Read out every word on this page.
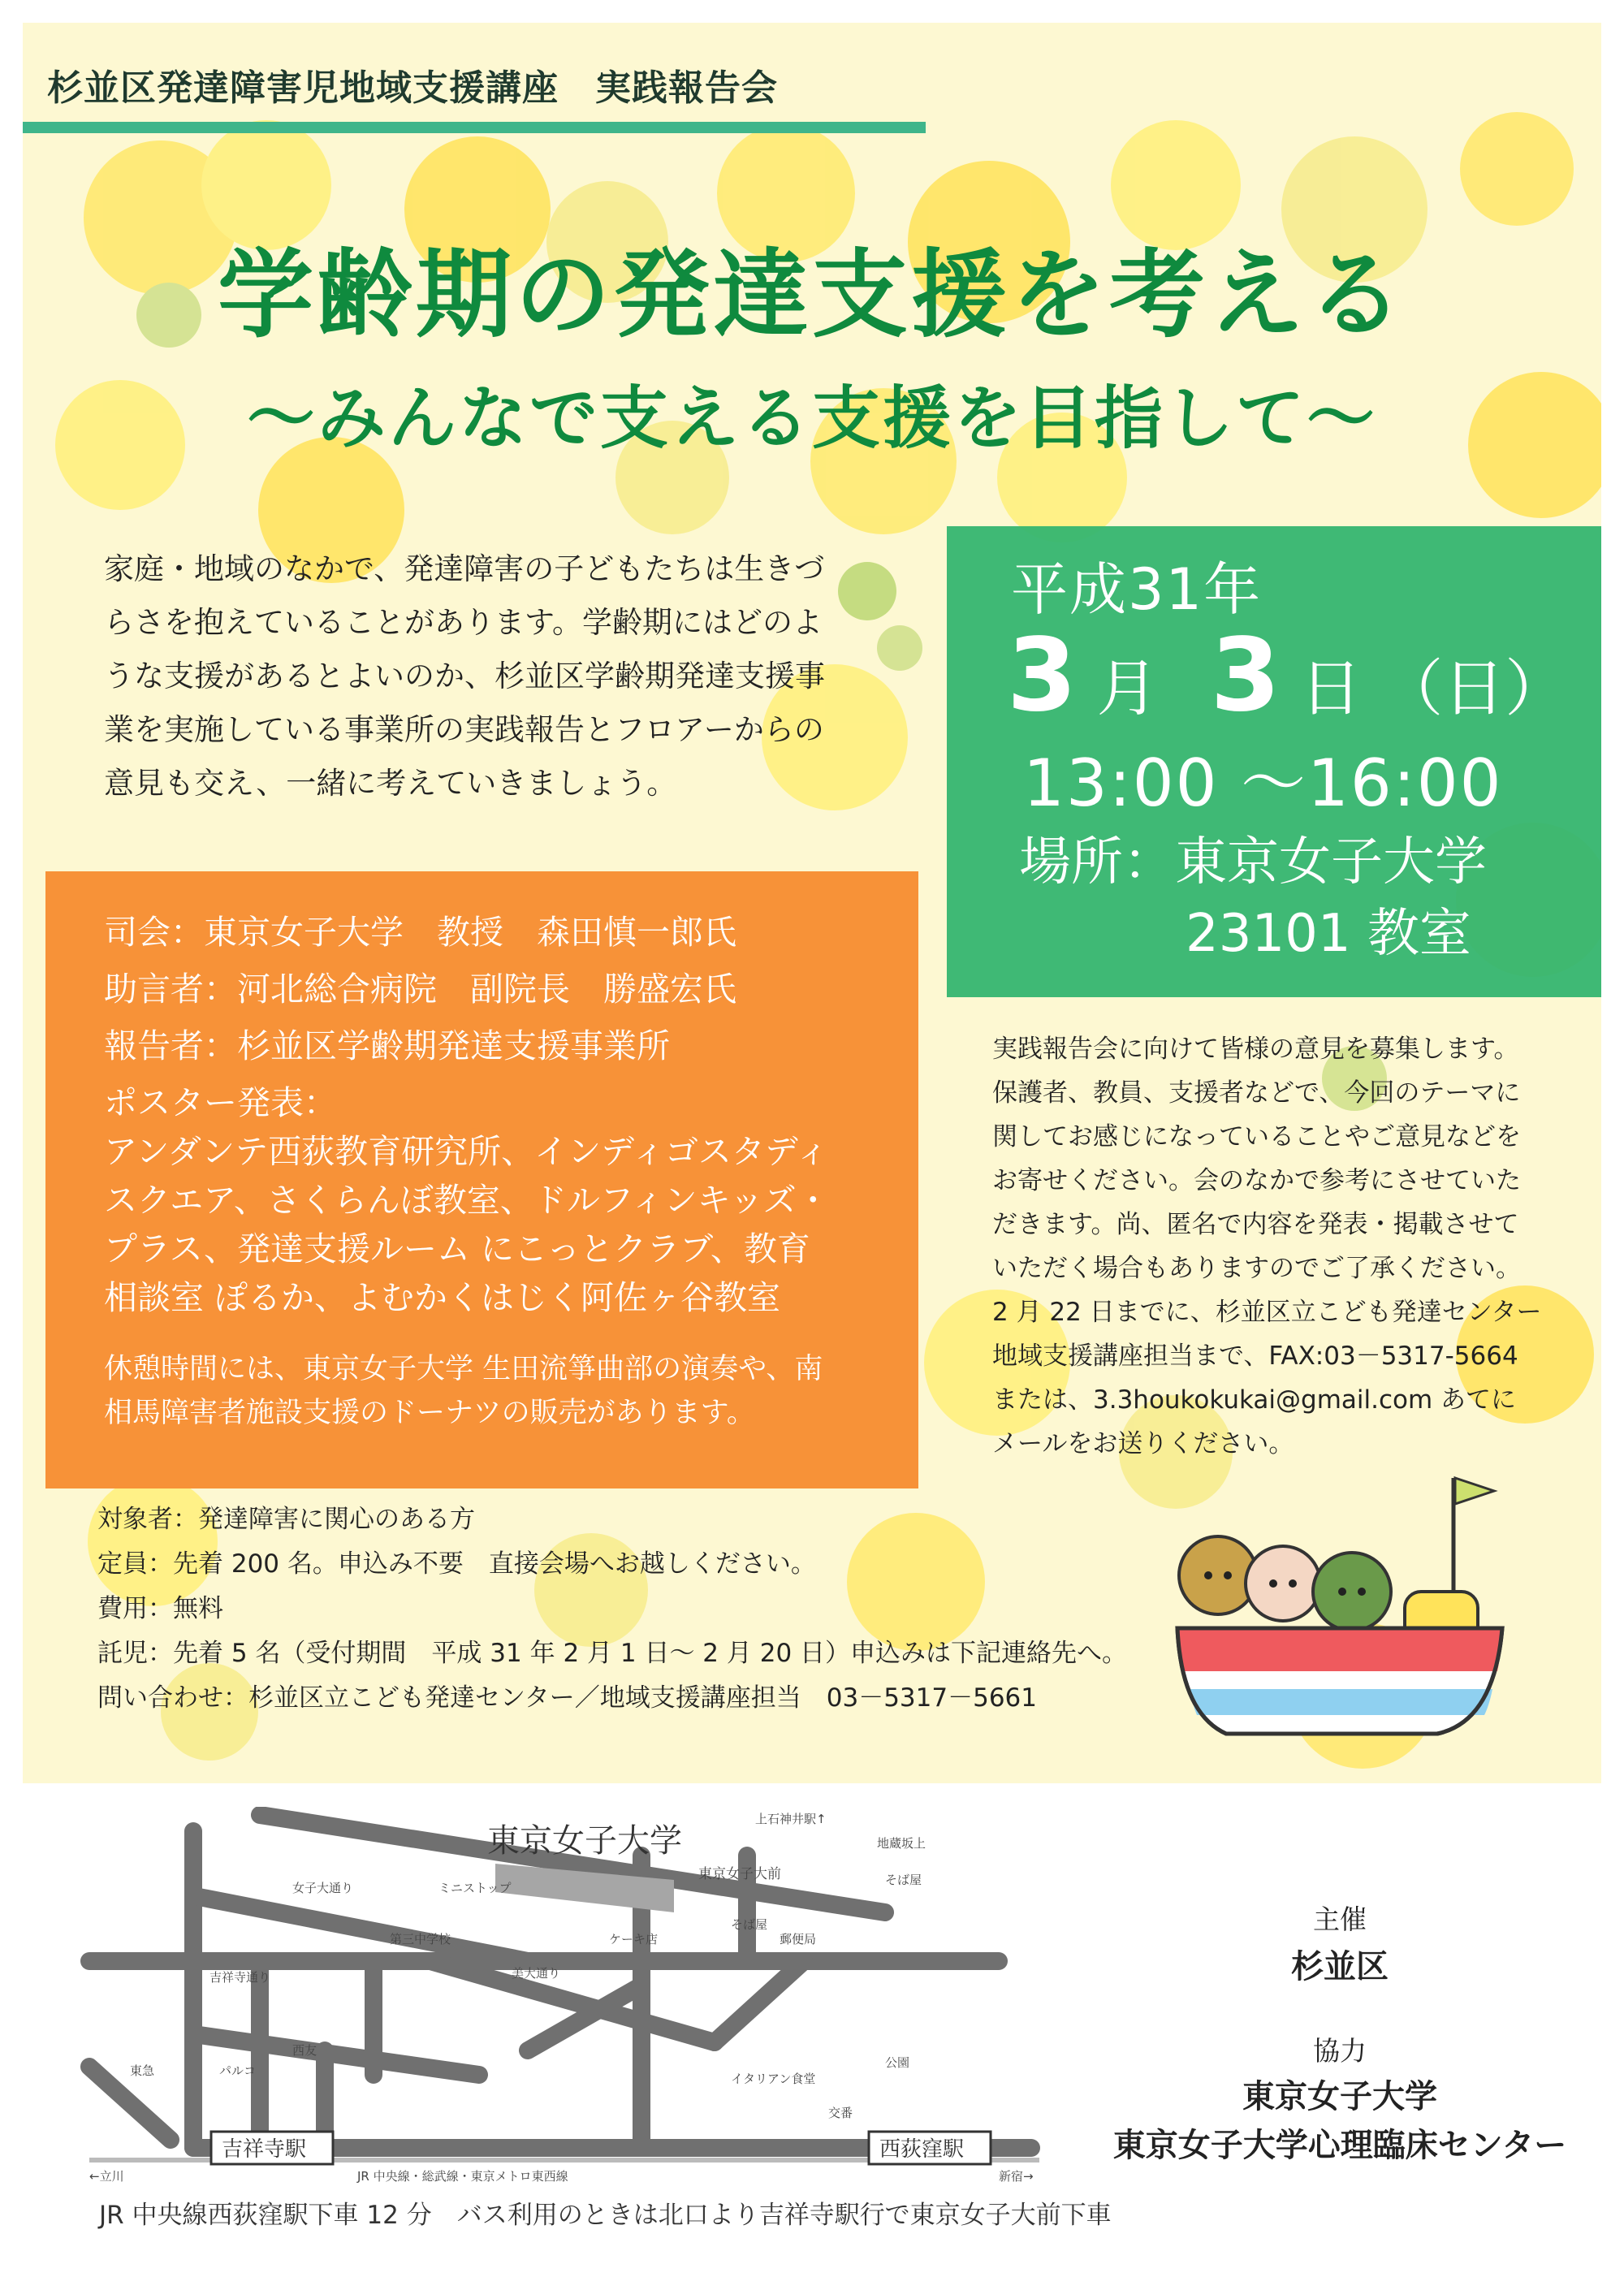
杉並区発達障害児地域支援講座　実践報告会
学齢期の発達支援を考える
～みんなで支える支援を目指して～
家庭・地域のなかで、発達障害の子どもたちは生きづ
らさを抱えていることがあります。学齢期にはどのよ
うな支援があるとよいのか、杉並区学齢期発達支援事
業を実施している事業所の実践報告とフロアーからの
意見も交え、一緒に考えていきましょう。
平成31年
3 月 3 日 （日）
13:00 ～16:00
場所：東京女子大学
23101 教室
司会：東京女子大学　教授　森田慎一郎氏
助言者：河北総合病院　副院長　勝盛宏氏
報告者：杉並区学齢期発達支援事業所
ポスター発表：
アンダンテ西荻教育研究所、インディゴスタディ
スクエア、さくらんぼ教室、ドルフィンキッズ・
プラス、発達支援ルーム にこっとクラブ、教育
相談室 ぽるか、よむかくはじく阿佐ヶ谷教室
休憩時間には、東京女子大学 生田流箏曲部の演奏や、南
相馬障害者施設支援のドーナツの販売があります。
実践報告会に向けて皆様の意見を募集します。
保護者、教員、支援者などで、今回のテーマに
関してお感じになっていることやご意見などを
お寄せください。会のなかで参考にさせていた
だきます。尚、匿名で内容を発表・掲載させて
いただく場合もありますのでご了承ください。
2 月 22 日までに、杉並区立こども発達センター
地域支援講座担当まで、FAX:03－5317-5664
または、3.3houkokukai@gmail.com あてに
メールをお送りください。
対象者：発達障害に関心のある方
定員：先着 200 名。申込み不要　直接会場へお越しください。
費用：無料
託児：先着 5 名（受付期間　平成 31 年 2 月 1 日～ 2 月 20 日）申込みは下記連絡先へ。
問い合わせ：杉並区立こども発達センター／地域支援講座担当　03－5317－5661
東京女子大学
女子大通り	ミニストップ
東京女子大前
上石神井駅↑
地蔵坂上
そば屋
そば屋
第三中学校	ケーキ店	郵便局
美大通り
吉祥寺通り
西友
パルコ
東急
イタリアン食堂
公園
交番
←立川	新宿→
JR 中央線・総武線・東京メトロ東西線
吉祥寺駅	西荻窪駅
JR 中央線西荻窪駅下車 12 分　バス利用のときは北口より吉祥寺駅行で東京女子大前下車
主催
杉並区
協力
東京女子大学
東京女子大学心理臨床センター
